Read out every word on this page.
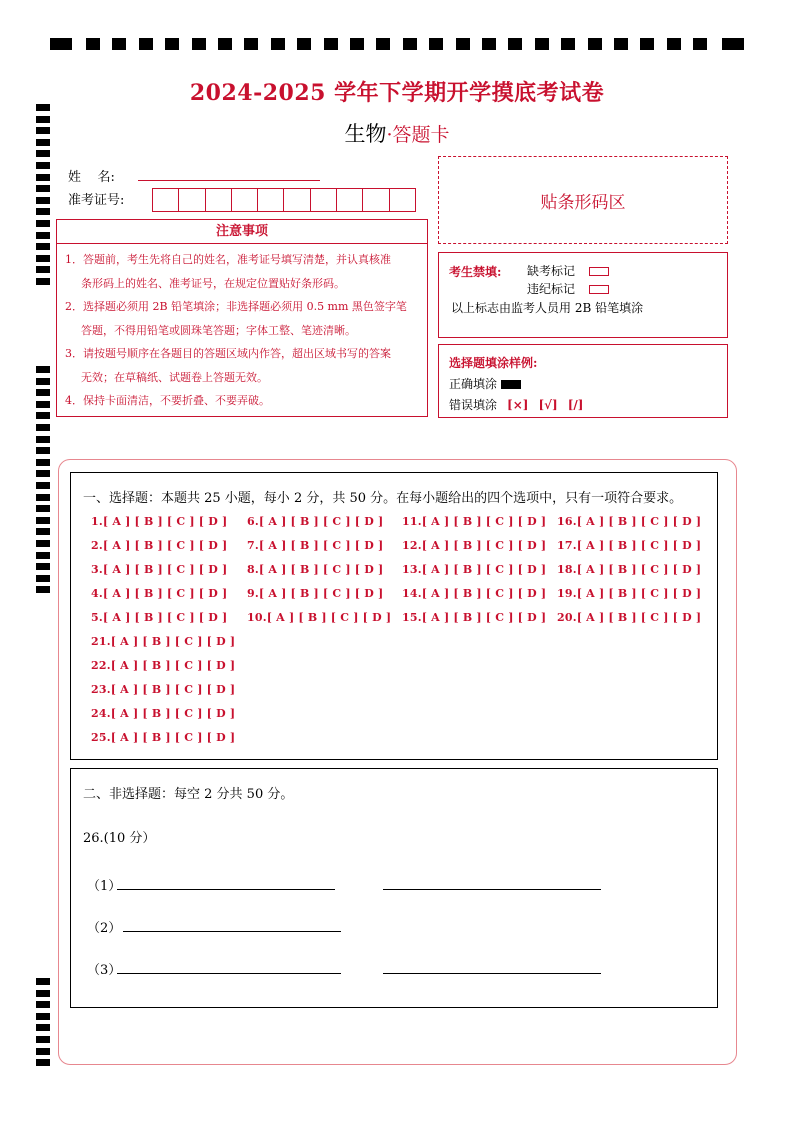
2024-2025 学年下学期开学摸底考试卷
生物·答题卡
姓    名:
准考证号:	贴条形码区
注意事项
1．答题前，考生先将自己的姓名，准考证号填写清楚，并认真核准
条形码上的姓名、准考证号，在规定位置贴好条形码。
2．选择题必须用 2B 铅笔填涂；非选择题必须用 0.5 mm 黑色签字笔
答题，不得用铅笔或圆珠笔答题；字体工整、笔迹清晰。
3．请按题号顺序在各题目的答题区域内作答，超出区域书写的答案
无效；在草稿纸、试题卷上答题无效。
4．保持卡面清洁，不要折叠、不要弄破。
考生禁填: 缺考标记
违纪标记
以上标志由监考人员用 2B 铅笔填涂
选择题填涂样例:
正确填涂
错误填涂 [×] [√] [/]
一、选择题：本题共 25 小题，每小 2 分，共 50 分。在每小题给出的四个选项中，只有一项符合要求。
1.[ A ] [ B ] [ C ] [ D ]
2.[ A ] [ B ] [ C ] [ D ]
3.[ A ] [ B ] [ C ] [ D ]
4.[ A ] [ B ] [ C ] [ D ]
5.[ A ] [ B ] [ C ] [ D ]
6.[ A ] [ B ] [ C ] [ D ]
7.[ A ] [ B ] [ C ] [ D ]
8.[ A ] [ B ] [ C ] [ D ]
9.[ A ] [ B ] [ C ] [ D ]
10.[ A ] [ B ] [ C ] [ D ]
11.[ A ] [ B ] [ C ] [ D ]
12.[ A ] [ B ] [ C ] [ D ]
13.[ A ] [ B ] [ C ] [ D ]
14.[ A ] [ B ] [ C ] [ D ]
15.[ A ] [ B ] [ C ] [ D ]
16.[ A ] [ B ] [ C ] [ D ]
17.[ A ] [ B ] [ C ] [ D ]
18.[ A ] [ B ] [ C ] [ D ]
19.[ A ] [ B ] [ C ] [ D ]
20.[ A ] [ B ] [ C ] [ D ]
21.[ A ] [ B ] [ C ] [ D ]
22.[ A ] [ B ] [ C ] [ D ]
23.[ A ] [ B ] [ C ] [ D ]
24.[ A ] [ B ] [ C ] [ D ]
25.[ A ] [ B ] [ C ] [ D ]
二、非选择题：每空 2 分共 50 分。
26.(10 分）
（1）
（2）
（3）
